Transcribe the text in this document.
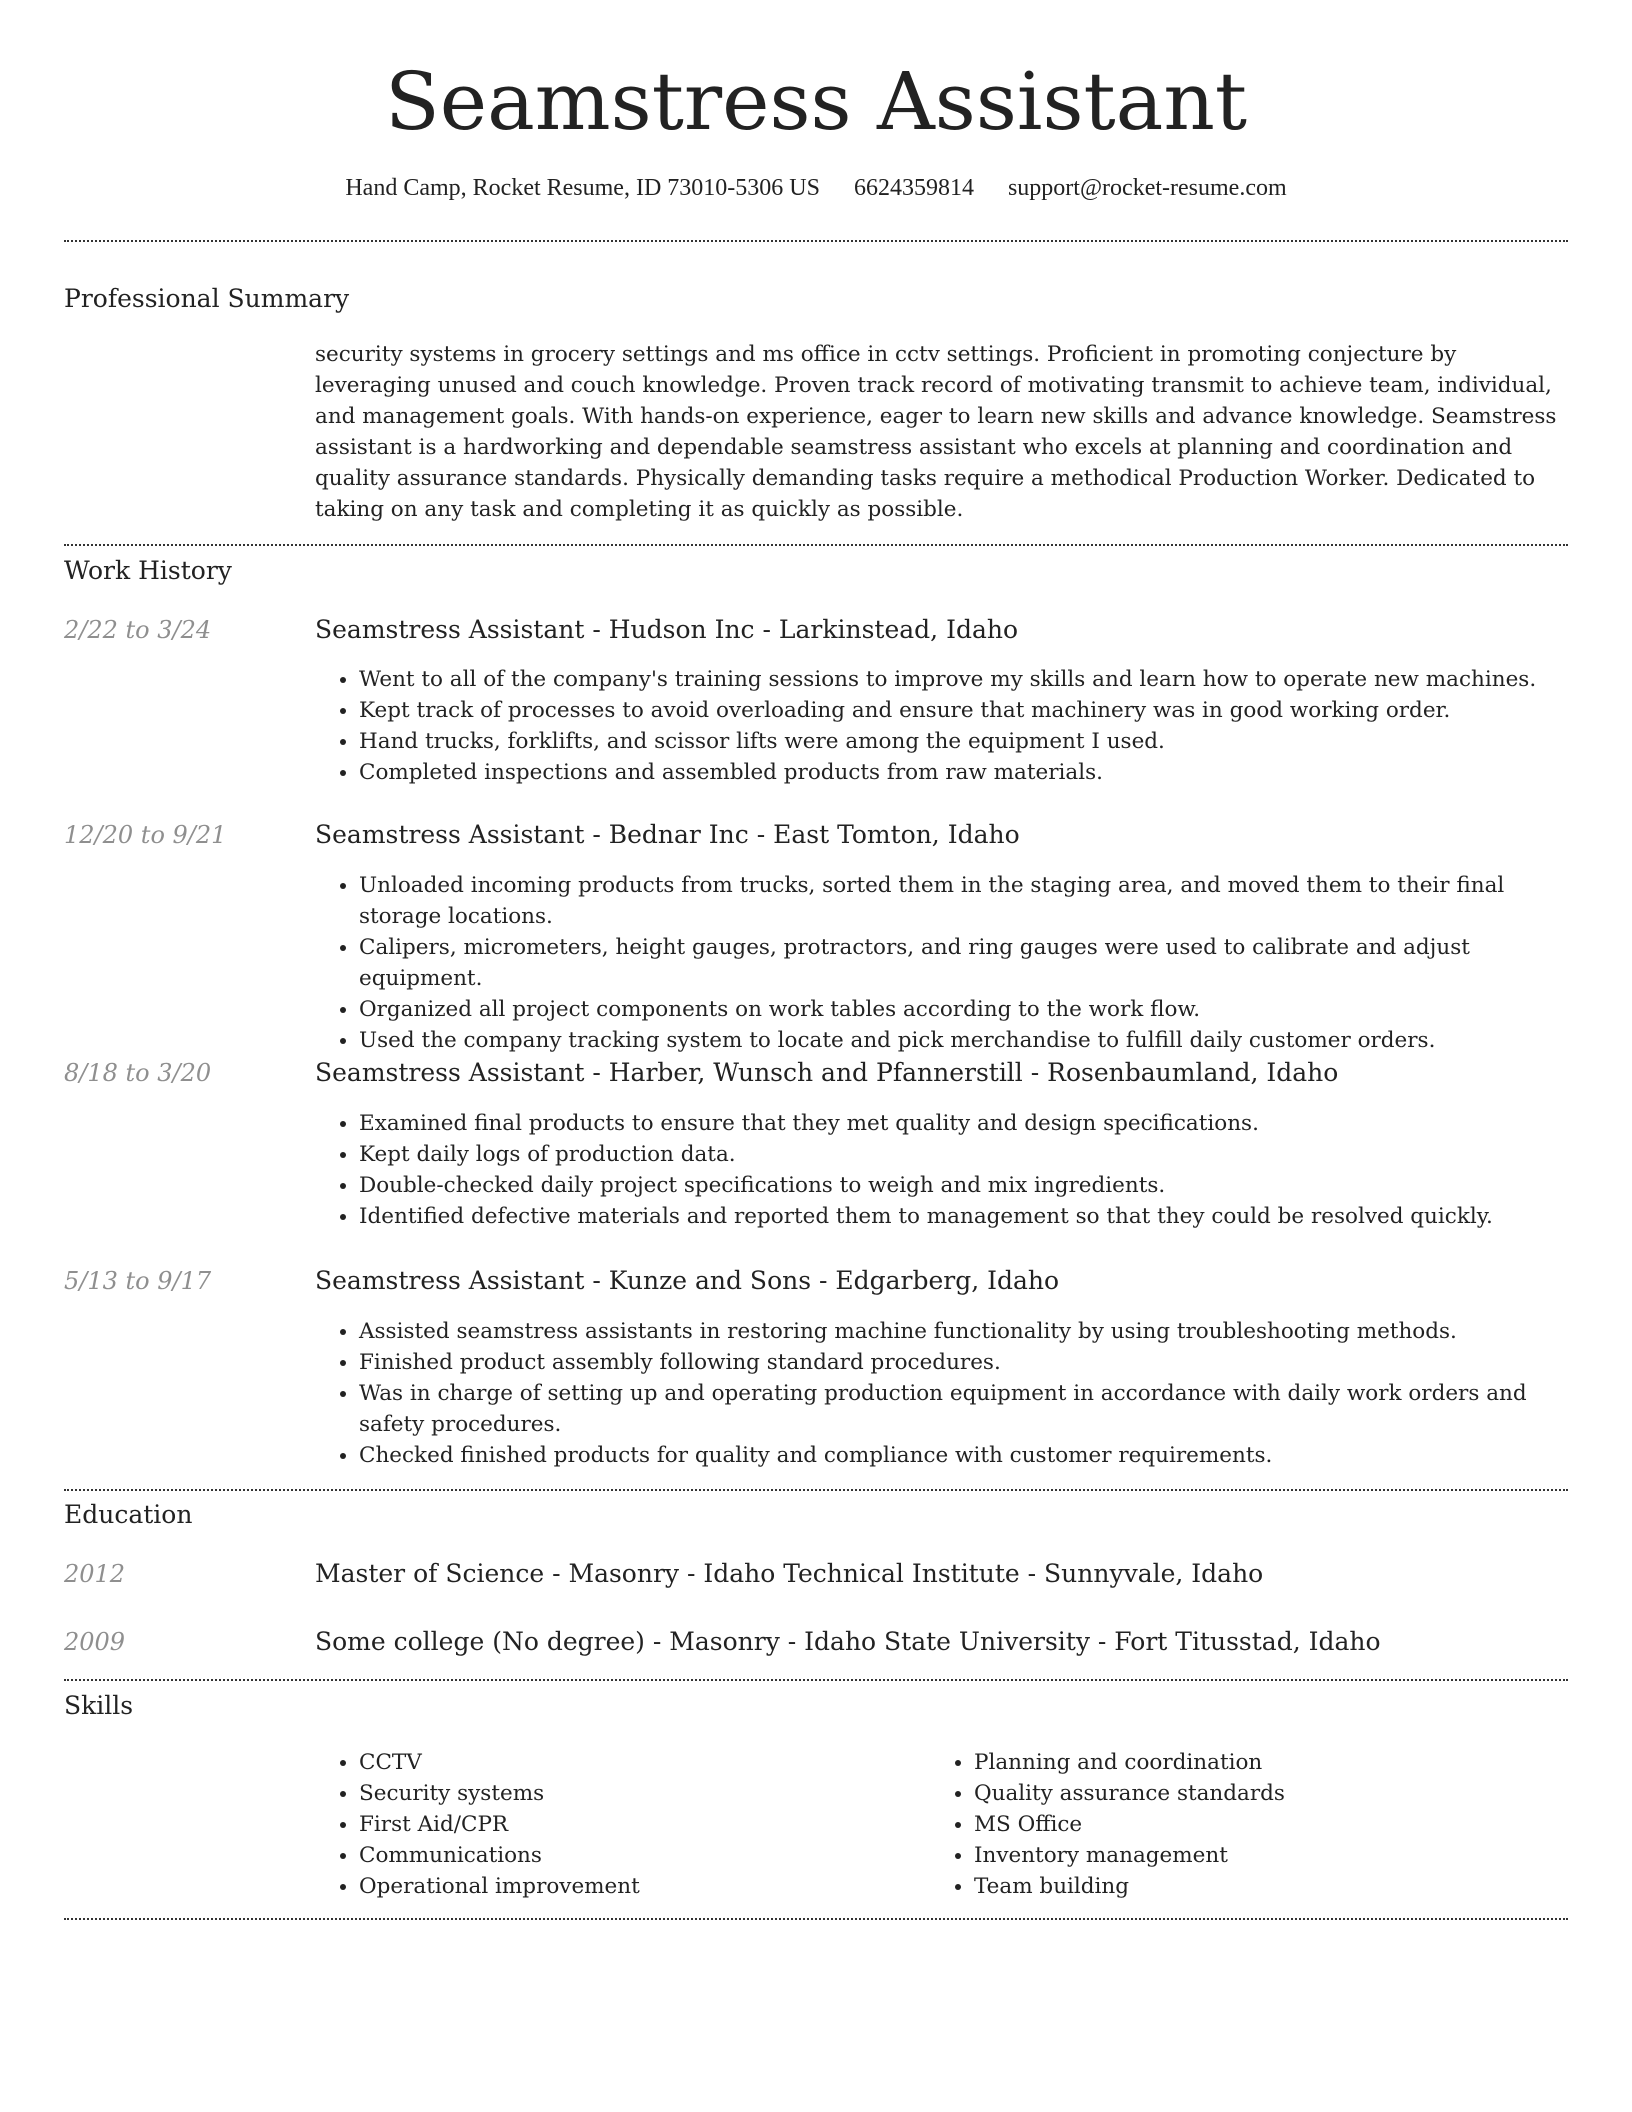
Seamstress Assistant
Hand Camp, Rocket Resume, ID 73010-5306 US 6624359814 support@rocket-resume.com
Professional Summary
security systems in grocery settings and ms office in cctv settings. Proficient in promoting conjecture by leveraging unused and couch knowledge. Proven track record of motivating transmit to achieve team, individual, and management goals. With hands-on experience, eager to learn new skills and advance knowledge. Seamstress assistant is a hardworking and dependable seamstress assistant who excels at planning and coordination and quality assurance standards. Physically demanding tasks require a methodical Production Worker. Dedicated to taking on any task and completing it as quickly as possible.
Work History
2/22 to 3/24	Seamstress Assistant - Hudson Inc - Larkinstead, Idaho
• Went to all of the company's training sessions to improve my skills and learn how to operate new machines.
• Kept track of processes to avoid overloading and ensure that machinery was in good working order.
• Hand trucks, forklifts, and scissor lifts were among the equipment I used.
• Completed inspections and assembled products from raw materials.
12/20 to 9/21	Seamstress Assistant - Bednar Inc - East Tomton, Idaho
• Unloaded incoming products from trucks, sorted them in the staging area, and moved them to their final storage locations.
• Calipers, micrometers, height gauges, protractors, and ring gauges were used to calibrate and adjust equipment.
• Organized all project components on work tables according to the work flow.
• Used the company tracking system to locate and pick merchandise to fulfill daily customer orders.
8/18 to 3/20	Seamstress Assistant - Harber, Wunsch and Pfannerstill - Rosenbaumland, Idaho
• Examined final products to ensure that they met quality and design specifications.
• Kept daily logs of production data.
• Double-checked daily project specifications to weigh and mix ingredients.
• Identified defective materials and reported them to management so that they could be resolved quickly.
5/13 to 9/17	Seamstress Assistant - Kunze and Sons - Edgarberg, Idaho
• Assisted seamstress assistants in restoring machine functionality by using troubleshooting methods.
• Finished product assembly following standard procedures.
• Was in charge of setting up and operating production equipment in accordance with daily work orders and safety procedures.
• Checked finished products for quality and compliance with customer requirements.
Education
2012	Master of Science - Masonry - Idaho Technical Institute - Sunnyvale, Idaho
2009	Some college (No degree) - Masonry - Idaho State University - Fort Titusstad, Idaho
Skills
• CCTV
• Security systems
• First Aid/CPR
• Communications
• Operational improvement
• Planning and coordination
• Quality assurance standards
• MS Office
• Inventory management
• Team building
